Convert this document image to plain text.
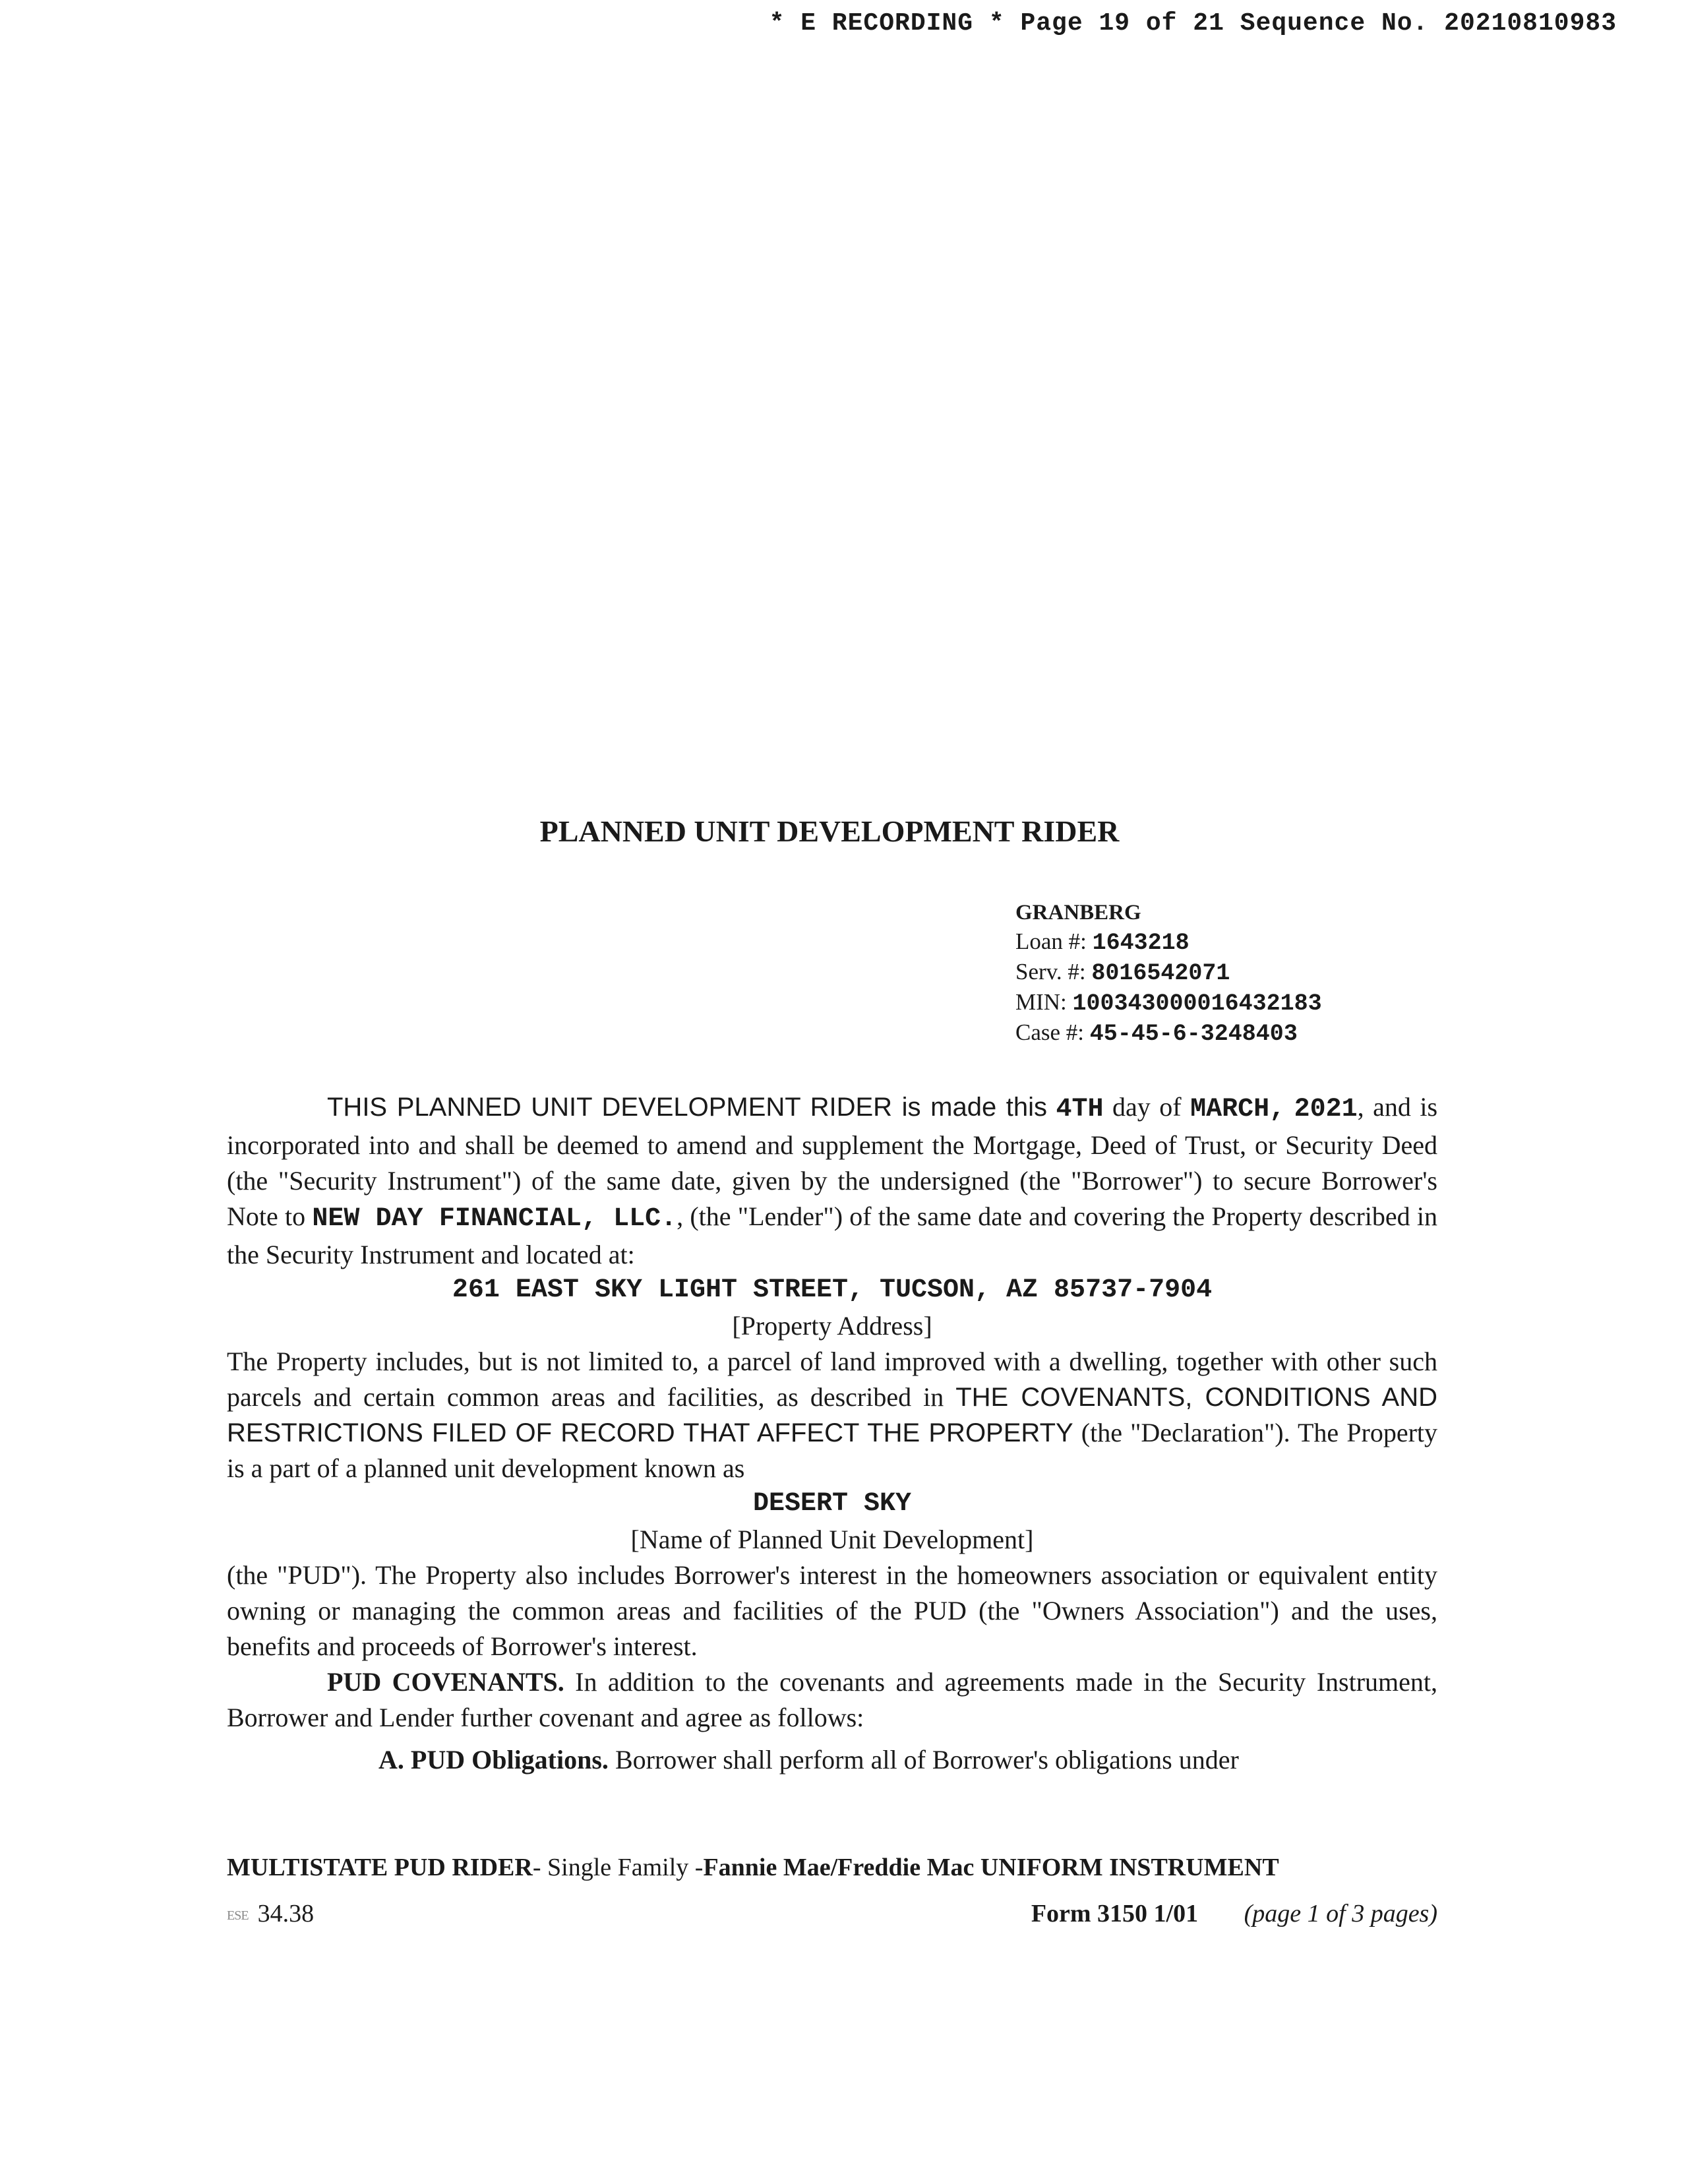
* E RECORDING * Page 19 of 21 Sequence No. 20210810983
PLANNED UNIT DEVELOPMENT RIDER
GRANBERG
Loan #: 1643218
Serv. #: 8016542071
MIN: 100343000016432183
Case #: 45-45-6-3248403
THIS PLANNED UNIT DEVELOPMENT RIDER is made this 4TH day of MARCH, 2021, and is incorporated into and shall be deemed to amend and supplement the Mortgage, Deed of Trust, or Security Deed (the "Security Instrument") of the same date, given by the undersigned (the "Borrower") to secure Borrower's Note to NEW DAY FINANCIAL, LLC., (the "Lender") of the same date and covering the Property described in the Security Instrument and located at:
261 EAST SKY LIGHT STREET, TUCSON, AZ 85737-7904
[Property Address]
The Property includes, but is not limited to, a parcel of land improved with a dwelling, together with other such parcels and certain common areas and facilities, as described in THE COVENANTS, CONDITIONS AND RESTRICTIONS FILED OF RECORD THAT AFFECT THE PROPERTY (the "Declaration"). The Property is a part of a planned unit development known as
DESERT SKY
[Name of Planned Unit Development]
(the "PUD"). The Property also includes Borrower's interest in the homeowners association or equivalent entity owning or managing the common areas and facilities of the PUD (the "Owners Association") and the uses, benefits and proceeds of Borrower's interest.
PUD COVENANTS. In addition to the covenants and agreements made in the Security Instrument, Borrower and Lender further covenant and agree as follows:
A. PUD Obligations. Borrower shall perform all of Borrower's obligations under
MULTISTATE PUD RIDER- Single Family -Fannie Mae/Freddie Mac UNIFORM INSTRUMENT
ESE 34.38	Form 3150 1/01 (page 1 of 3 pages)
